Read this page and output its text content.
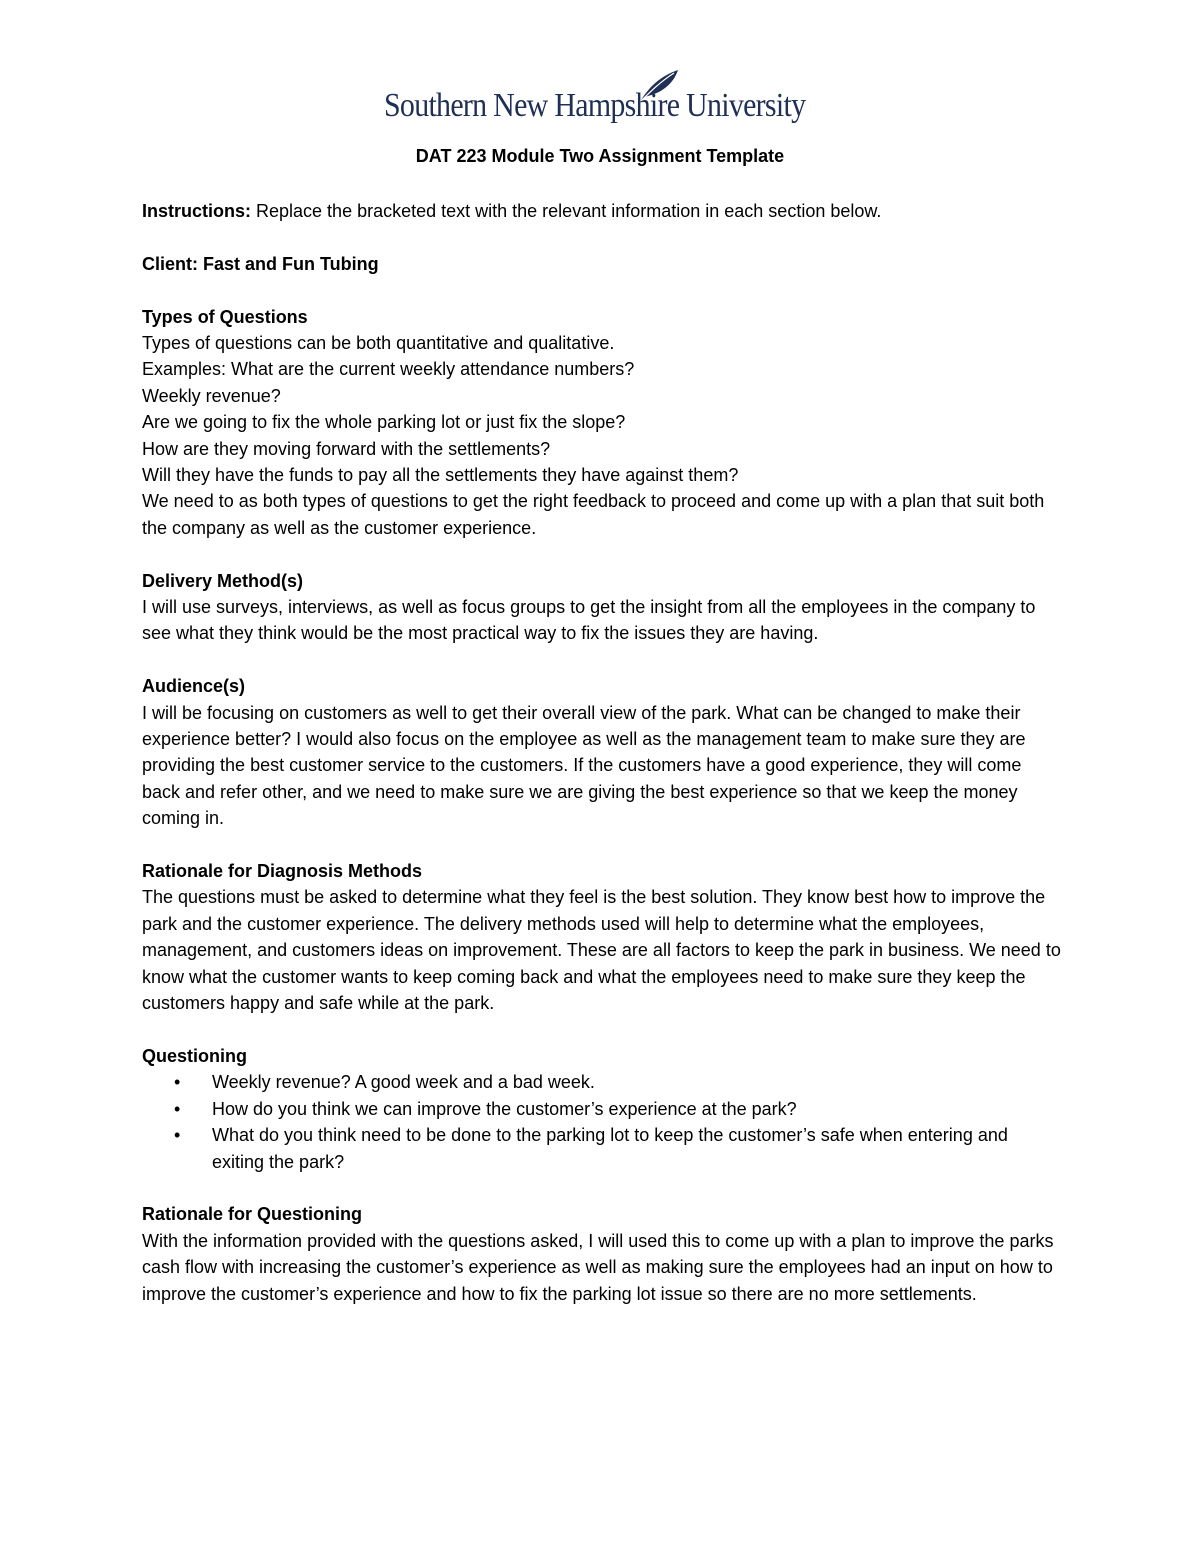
Southern New Hampshire University
DAT 223 Module Two Assignment Template

Instructions: Replace the bracketed text with the relevant information in each section below.

Client: Fast and Fun Tubing

Types of Questions

Types of questions can be both quantitative and qualitative.

Examples: What are the current weekly attendance numbers?

Weekly revenue?

Are we going to fix the whole parking lot or just fix the slope?

How are they moving forward with the settlements?

Will they have the funds to pay all the settlements they have against them?

We need to as both types of questions to get the right feedback to proceed and come up with a plan that suit both the company as well as the customer experience.

Delivery Method(s)

I will use surveys, interviews, as well as focus groups to get the insight from all the employees in the company to see what they think would be the most practical way to fix the issues they are having.

Audience(s)

I will be focusing on customers as well to get their overall view of the park. What can be changed to make their experience better? I would also focus on the employee as well as the management team to make sure they are providing the best customer service to the customers. If the customers have a good experience, they will come back and refer other, and we need to make sure we are giving the best experience so that we keep the money coming in.

Rationale for Diagnosis Methods

The questions must be asked to determine what they feel is the best solution. They know best how to improve the park and the customer experience. The delivery methods used will help to determine what the employees, management, and customers ideas on improvement. These are all factors to keep the park in business. We need to know what the customer wants to keep coming back and what the employees need to make sure they keep the customers happy and safe while at the park.

Questioning

• Weekly revenue? A good week and a bad week.
• How do you think we can improve the customer’s experience at the park?
• What do you think need to be done to the parking lot to keep the customer’s safe when entering and exiting the park?

Rationale for Questioning

With the information provided with the questions asked, I will used this to come up with a plan to improve the parks cash flow with increasing the customer’s experience as well as making sure the employees had an input on how to improve the customer’s experience and how to fix the parking lot issue so there are no more settlements.
